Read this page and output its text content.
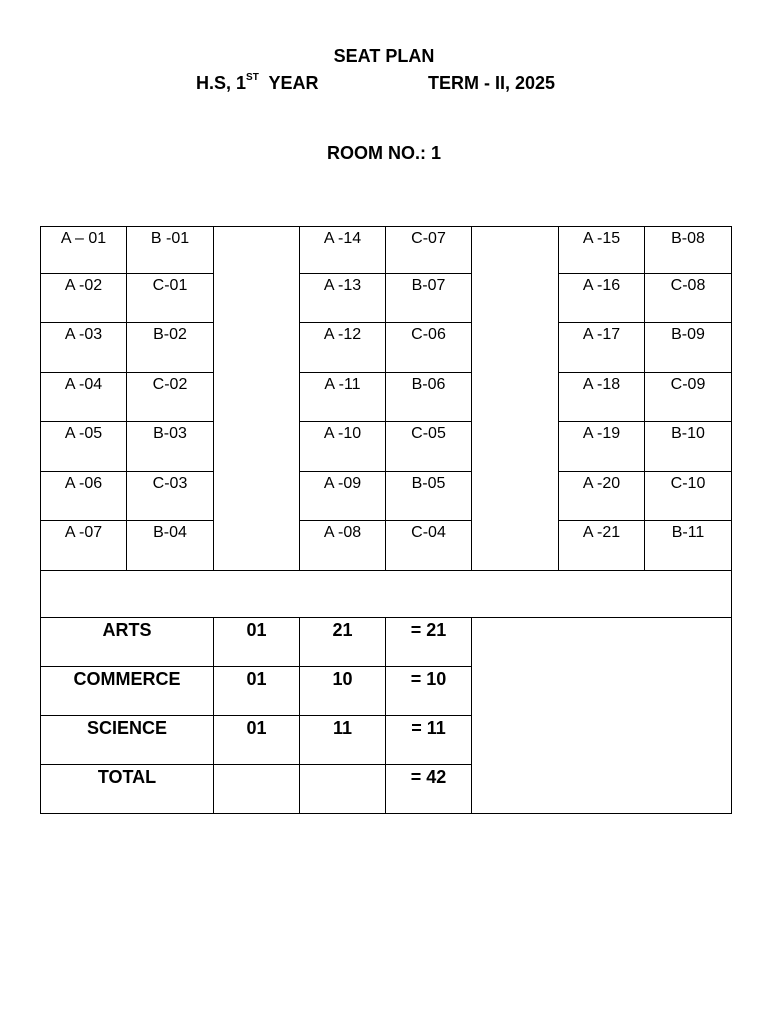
SEAT PLAN
H.S, 1ST  YEAR	TERM - II, 2025
ROOM NO.: 1
A – 01	B -01		A -14	C-07		A -15	B-08
A -02	C-01		A -13	B-07		A -16	C-08
A -03	B-02		A -12	C-06		A -17	B-09
A -04	C-02		A -11	B-06		A -18	C-09
A -05	B-03		A -10	C-05		A -19	B-10
A -06	C-03		A -09	B-05		A -20	C-10
A -07	B-04		A -08	C-04		A -21	B-11

ARTS		01	21	= 21			
COMMERCE		01	10	= 10			
SCIENCE		01	11	= 11			
TOTAL				= 42			
